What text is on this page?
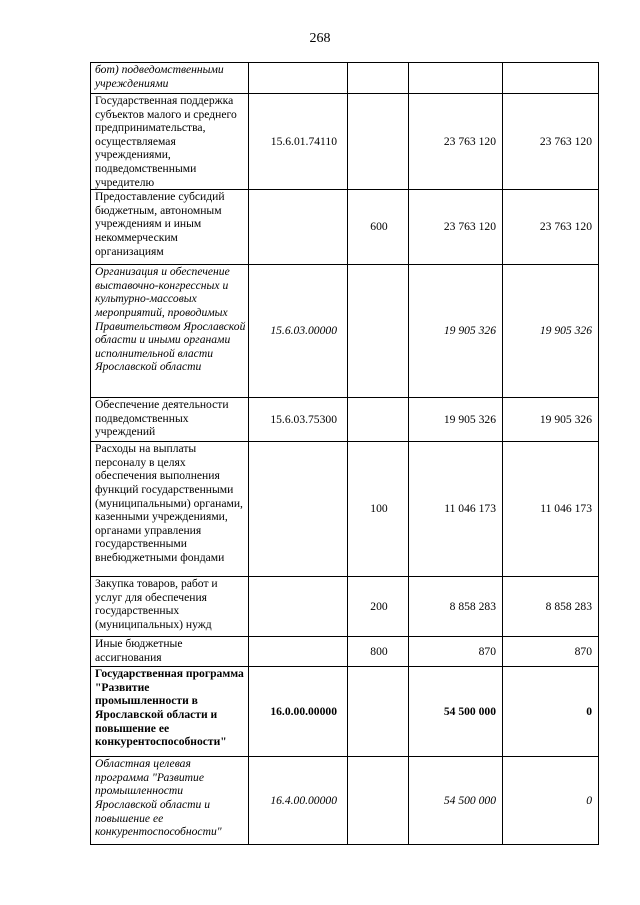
268
бот) подведомственными учреждениями				
Государственная поддержка субъектов малого и среднего предпринимательства, осуществляемая учреждениями, подведомственными учредителю	15.6.01.74110		23 763 120	23 763 120
Предоставление субсидий бюджетным, автономным учреждениям и иным некоммерческим организациям		600	23 763 120	23 763 120
Организация и обеспечение выставочно-конгрессных и культурно-массовых мероприятий, проводимых Правительством Ярославской области и иными органами исполнительной власти Ярославской области	15.6.03.00000		19 905 326	19 905 326
Обеспечение деятельности подведомственных учреждений	15.6.03.75300		19 905 326	19 905 326
Расходы на выплаты персоналу в целях обеспечения выполнения функций государственными (муниципальными) органами, казенными учреждениями, органами управления государственными внебюджетными фондами		100	11 046 173	11 046 173
Закупка товаров, работ и услуг для обеспечения государственных (муниципальных) нужд		200	8 858 283	8 858 283
Иные бюджетные ассигнования		800	870	870
Государственная программа "Развитие промышленности в Ярославской области и повышение ее конкурентоспособности"	16.0.00.00000		54 500 000	0
Областная целевая программа "Развитие промышленности Ярославской области и повышение ее конкурентоспособности"	16.4.00.00000		54 500 000	0
